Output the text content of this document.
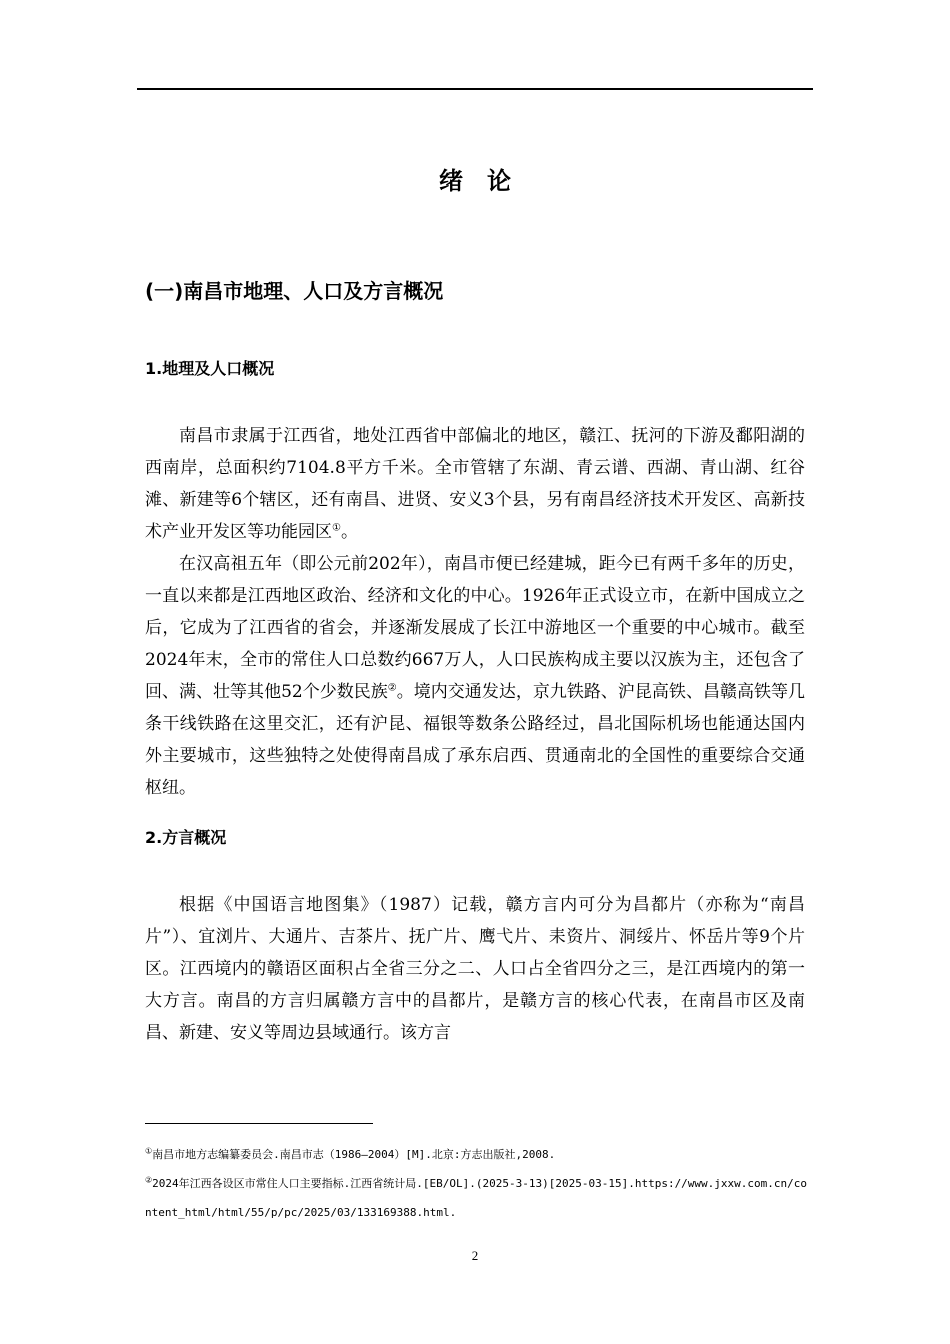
绪　论
(一)南昌市地理、人口及方言概况
1.地理及人口概况

南昌市隶属于江西省，地处江西省中部偏北的地区，赣江、抚河的下游及鄱阳湖的西南岸，总面积约7104.8平方千米。全市管辖了东湖、青云谱、西湖、青山湖、红谷滩、新建等6个辖区，还有南昌、进贤、安义3个县，另有南昌经济技术开发区、高新技术产业开发区等功能园区①。

在汉高祖五年（即公元前202年），南昌市便已经建城，距今已有两千多年的历史，一直以来都是江西地区政治、经济和文化的中心。1926年正式设立市，在新中国成立之后，它成为了江西省的省会，并逐渐发展成了长江中游地区一个重要的中心城市。截至2024年末，全市的常住人口总数约667万人，人口民族构成主要以汉族为主，还包含了回、满、壮等其他52个少数民族②。境内交通发达，京九铁路、沪昆高铁、昌赣高铁等几条干线铁路在这里交汇，还有沪昆、福银等数条公路经过，昌北国际机场也能通达国内外主要城市，这些独特之处使得南昌成了承东启西、贯通南北的全国性的重要综合交通枢纽。

2.方言概况

根据《中国语言地图集》（1987）记载，赣方言内可分为昌都片（亦称为“南昌片”）、宜浏片、大通片、吉茶片、抚广片、鹰弋片、耒资片、洞绥片、怀岳片等9个片区。江西境内的赣语区面积占全省三分之二、人口占全省四分之三，是江西境内的第一大方言。南昌的方言归属赣方言中的昌都片，是赣方言的核心代表，在南昌市区及南昌、新建、安义等周边县域通行。该方言

①南昌市地方志编纂委员会.南昌市志（1986—2004）[M].北京:方志出版社,2008.

②2024年江西各设区市常住人口主要指标.江西省统计局.[EB/OL].(2025-3-13)[2025-03-15].https://www.jxxw.com.cn/content_html/html/55/p/pc/2025/03/133169388.html.

2
